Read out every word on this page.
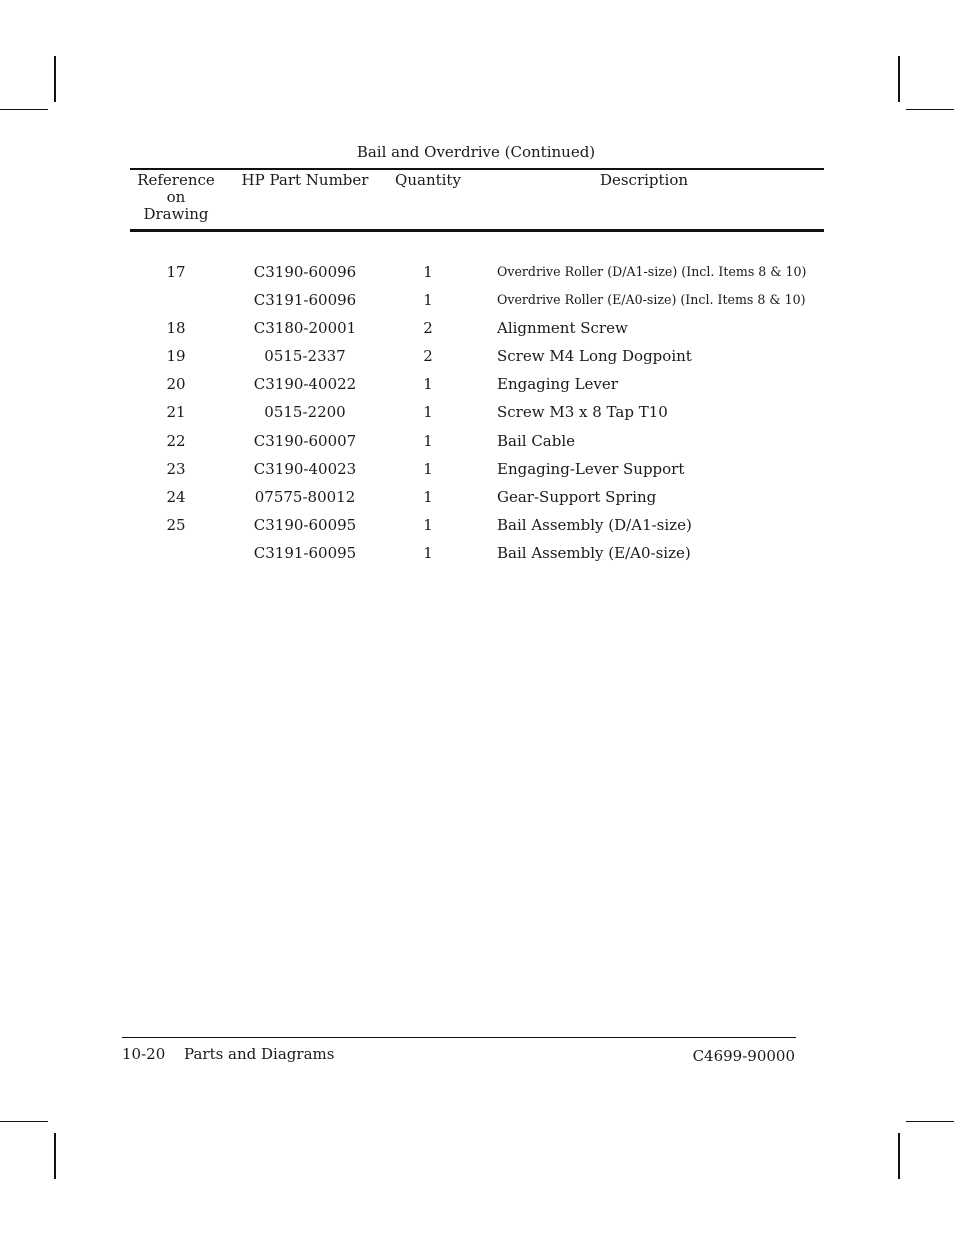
Bail and Overdrive (Continued)
Reference
on
Drawing
HP Part Number	Quantity	Description
17	C3190-60096	1	Overdrive Roller (D/A1-size) (Incl. Items 8 & 10)
C3191-60096	1	Overdrive Roller (E/A0-size) (Incl. Items 8 & 10)
18	C3180-20001	2	Alignment Screw
19	0515-2337	2	Screw M4 Long Dogpoint
20	C3190-40022	1	Engaging Lever
21	0515-2200	1	Screw M3 x 8 Tap T10
22	C3190-60007	1	Bail Cable
23	C3190-40023	1	Engaging-Lever Support
24	07575-80012	1	Gear-Support Spring
25	C3190-60095	1	Bail Assembly (D/A1-size)
C3191-60095	1	Bail Assembly (E/A0-size)
10-20 Parts and Diagrams	C4699-90000
